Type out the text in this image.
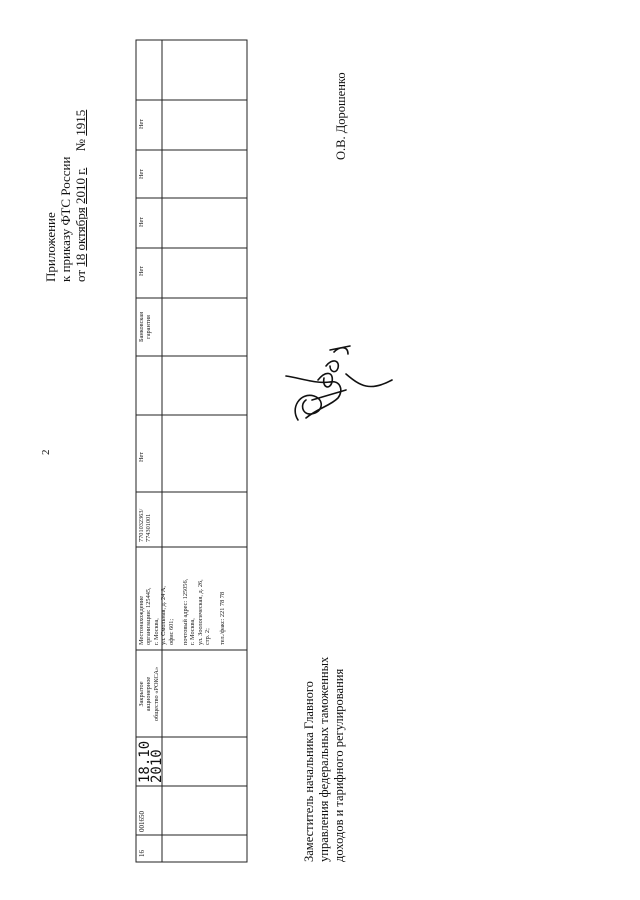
2
Приложение к приказу ФТС России от 18 октября 2010 г.     № 1915
16
001650
18.10
2010
Закрытое акционерное общество «РОКСА»
Местонахождение организации: 125445, г. Москва, ул. Смольная, д. 24 А, офис 601; почтовый адрес: 125056, г. Москва, ул. Зоологическая, д. 26, стр. 2; тел./факс: 221 78 78
7701032363/ 774301001
Нет
Банковская гарантия
Нет
Нет
Нет
Нет
Заместитель начальника Главного управления федеральных таможенных доходов и тарифного регулирования
О.В. Дорошенко
